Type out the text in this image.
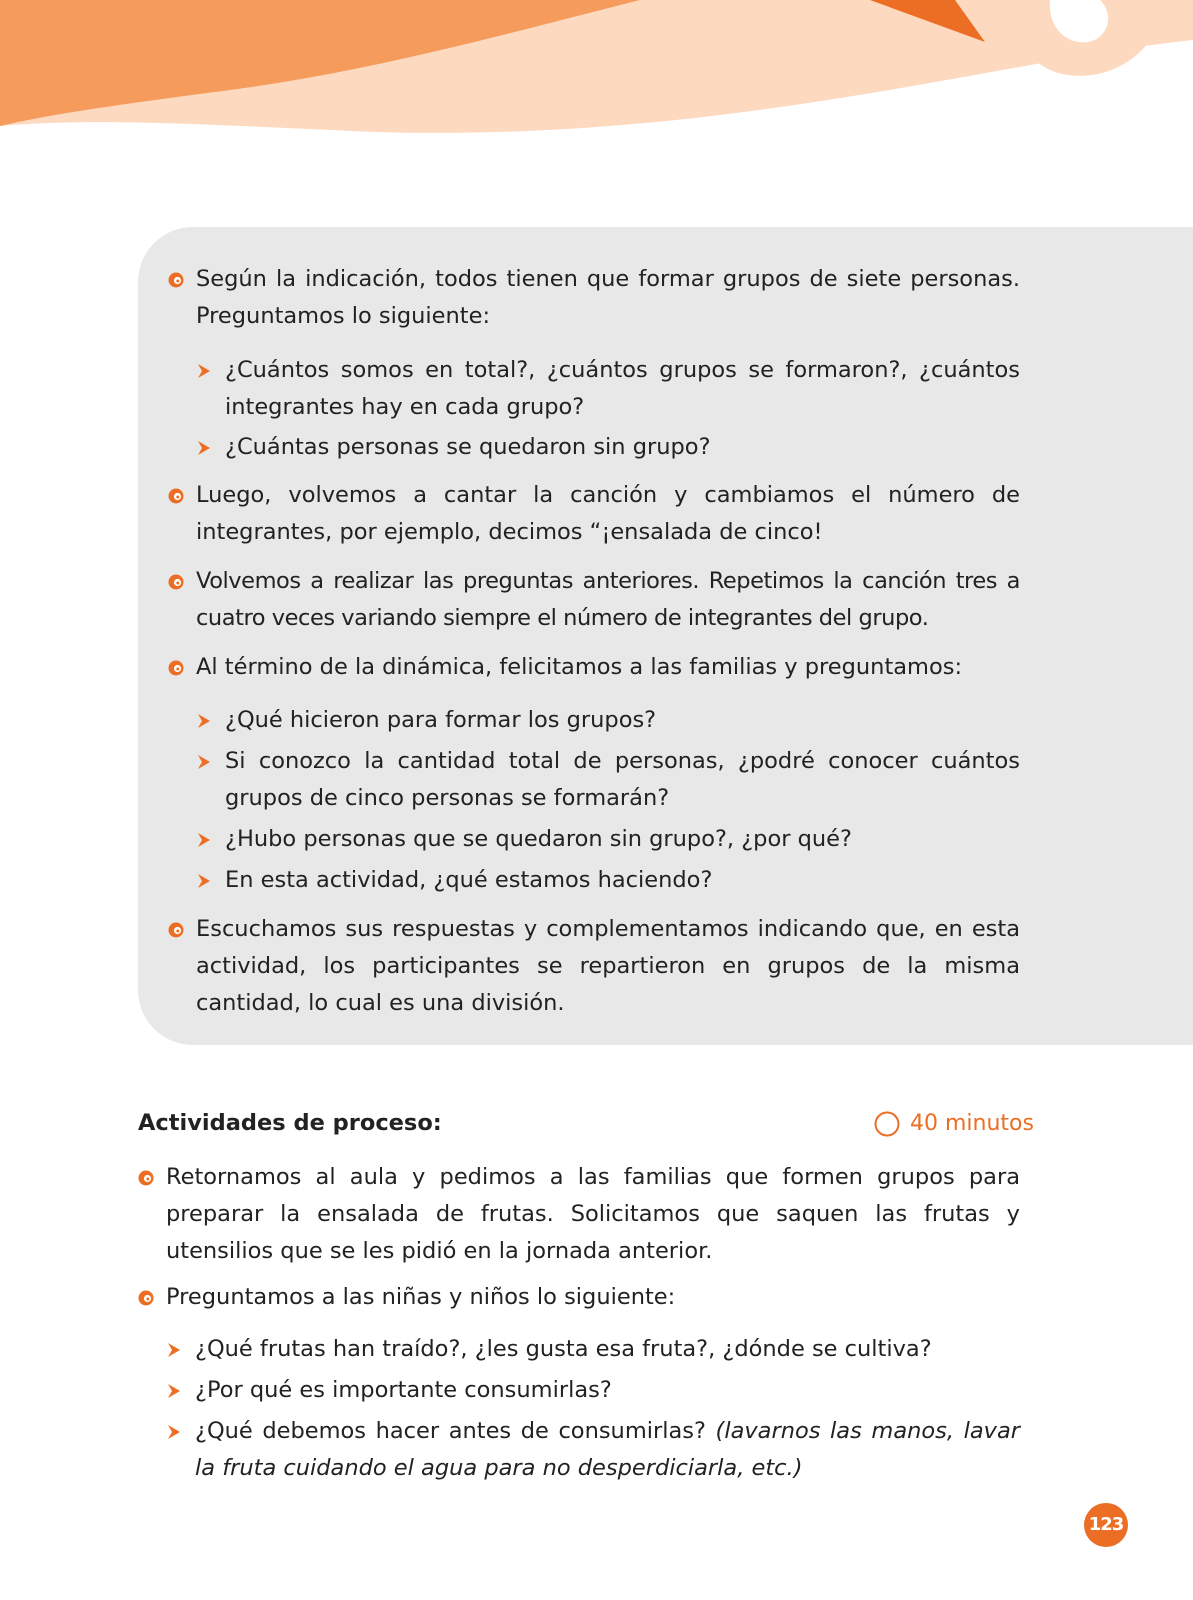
Según la indicación, todos tienen que formar grupos de siete personas. Preguntamos lo siguiente:
¿Cuántos somos en total?, ¿cuántos grupos se formaron?, ¿cuántos integrantes hay en cada grupo?
¿Cuántas personas se quedaron sin grupo?
Luego, volvemos a cantar la canción y cambiamos el número de integrantes, por ejemplo, decimos “¡ensalada de cinco!
Volvemos a realizar las preguntas anteriores. Repetimos la canción tres a cuatro veces variando siempre el número de integrantes del grupo.
Al término de la dinámica, felicitamos a las familias y preguntamos:
¿Qué hicieron para formar los grupos?
Si conozco la cantidad total de personas, ¿podré conocer cuántos grupos de cinco personas se formarán?
¿Hubo personas que se quedaron sin grupo?, ¿por qué?
En esta actividad, ¿qué estamos haciendo?
Escuchamos sus respuestas y complementamos indicando que, en esta actividad, los participantes se repartieron en grupos de la misma cantidad, lo cual es una división.
Actividades de proceso:	40 minutos
Retornamos al aula y pedimos a las familias que formen grupos para preparar la ensalada de frutas. Solicitamos que saquen las frutas y utensilios que se les pidió en la jornada anterior.
Preguntamos a las niñas y niños lo siguiente:
¿Qué frutas han traído?, ¿les gusta esa fruta?, ¿dónde se cultiva?
¿Por qué es importante consumirlas?
¿Qué debemos hacer antes de consumirlas? (lavarnos las manos, lavar la fruta cuidando el agua para no desperdiciarla, etc.)
123
